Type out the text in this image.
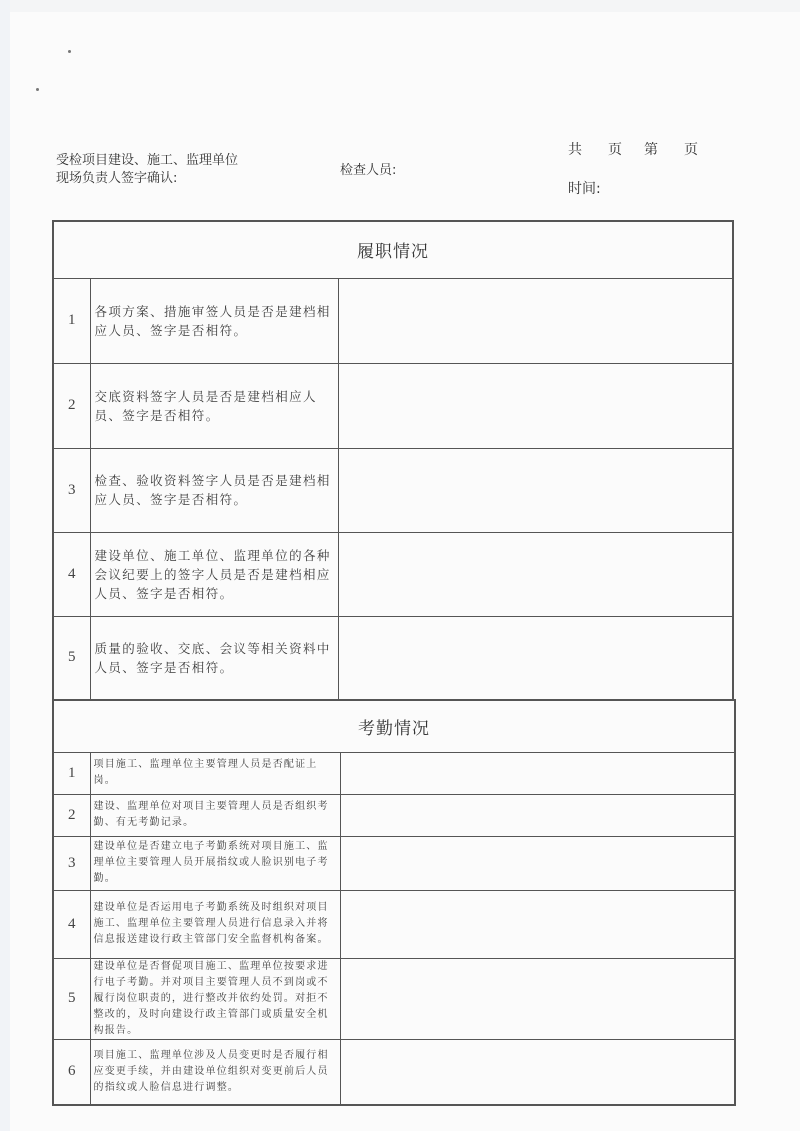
受检项目建设、施工、监理单位
现场负责人签字确认:
检查人员:
共 页 第 页
时间:
履职情况		
1	各项方案、措施审签人员是否是建档相应人员、签字是否相符。	
2	交底资料签字人员是否是建档相应人员、签字是否相符。	
3	检查、验收资料签字人员是否是建档相应人员、签字是否相符。	
4	建设单位、施工单位、监理单位的各种会议纪要上的签字人员是否是建档相应人员、签字是否相符。	
5	质量的验收、交底、会议等相关资料中人员、签字是否相符。	
考勤情况		
1	项目施工、监理单位主要管理人员是否配证上岗。	
2	建设、监理单位对项目主要管理人员是否组织考勤、有无考勤记录。	
3	建设单位是否建立电子考勤系统对项目施工、监理单位主要管理人员开展指纹或人脸识别电子考勤。	
4	建设单位是否运用电子考勤系统及时组织对项目施工、监理单位主要管理人员进行信息录入并将信息报送建设行政主管部门安全监督机构备案。	
5	建设单位是否督促项目施工、监理单位按要求进行电子考勤。并对项目主要管理人员不到岗或不履行岗位职责的，进行整改并依约处罚。对拒不整改的，及时向建设行政主管部门或质量安全机构报告。	
6	项目施工、监理单位涉及人员变更时是否履行相应变更手续，并由建设单位组织对变更前后人员的指纹或人脸信息进行调整。	
